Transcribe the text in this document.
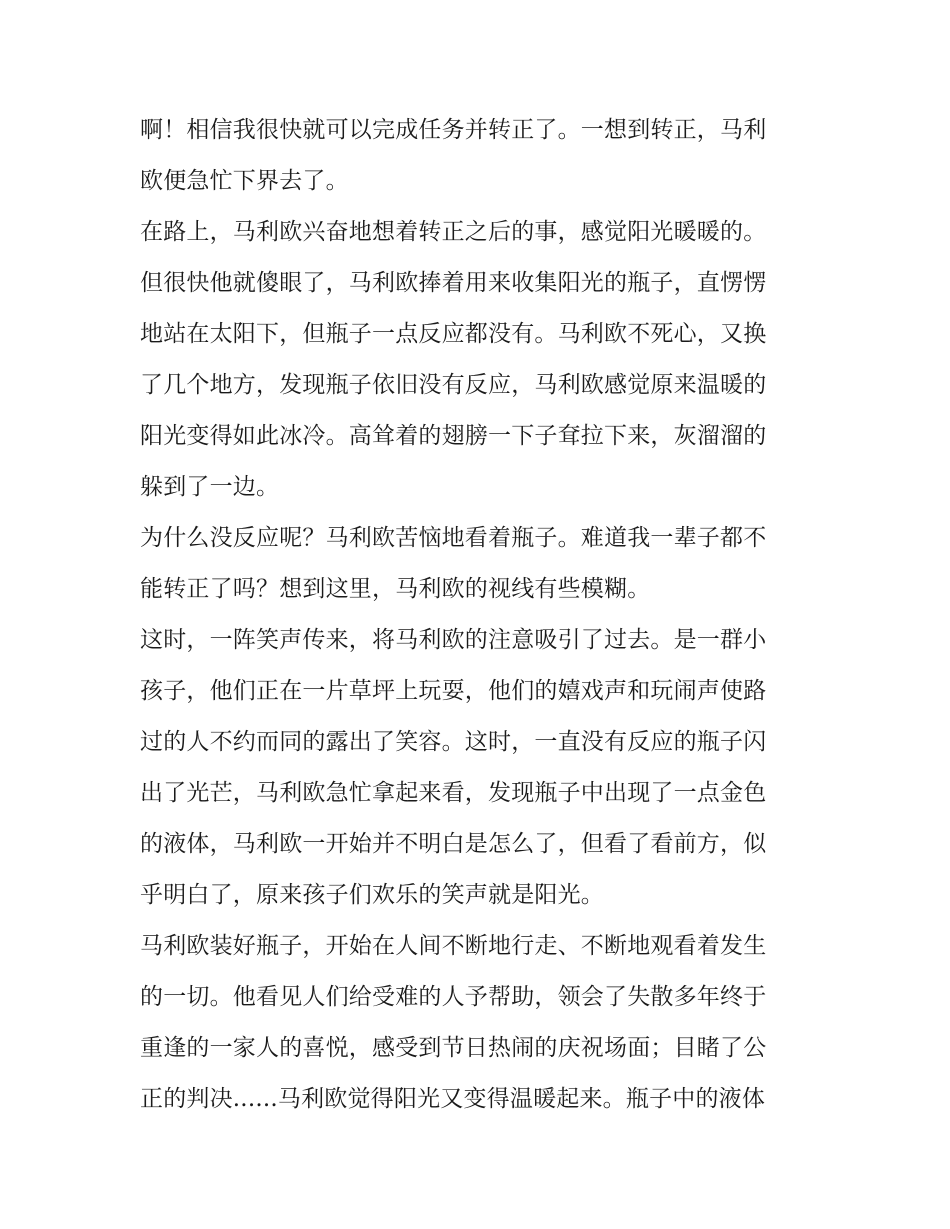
啊！相信我很快就可以完成任务并转正了。一想到转正，马利
欧便急忙下界去了。
在路上，马利欧兴奋地想着转正之后的事，感觉阳光暖暖的。
但很快他就傻眼了，马利欧捧着用来收集阳光的瓶子，直愣愣
地站在太阳下，但瓶子一点反应都没有。马利欧不死心，又换
了几个地方，发现瓶子依旧没有反应，马利欧感觉原来温暖的
阳光变得如此冰冷。高耸着的翅膀一下子耷拉下来，灰溜溜的
躲到了一边。
为什么没反应呢？马利欧苦恼地看着瓶子。难道我一辈子都不
能转正了吗？想到这里，马利欧的视线有些模糊。
这时，一阵笑声传来，将马利欧的注意吸引了过去。是一群小
孩子，他们正在一片草坪上玩耍，他们的嬉戏声和玩闹声使路
过的人不约而同的露出了笑容。这时，一直没有反应的瓶子闪
出了光芒，马利欧急忙拿起来看，发现瓶子中出现了一点金色
的液体，马利欧一开始并不明白是怎么了，但看了看前方，似
乎明白了，原来孩子们欢乐的笑声就是阳光。
马利欧装好瓶子，开始在人间不断地行走、不断地观看着发生
的一切。他看见人们给受难的人予帮助，领会了失散多年终于
重逢的一家人的喜悦，感受到节日热闹的庆祝场面；目睹了公
正的判决......马利欧觉得阳光又变得温暖起来。瓶子中的液体
